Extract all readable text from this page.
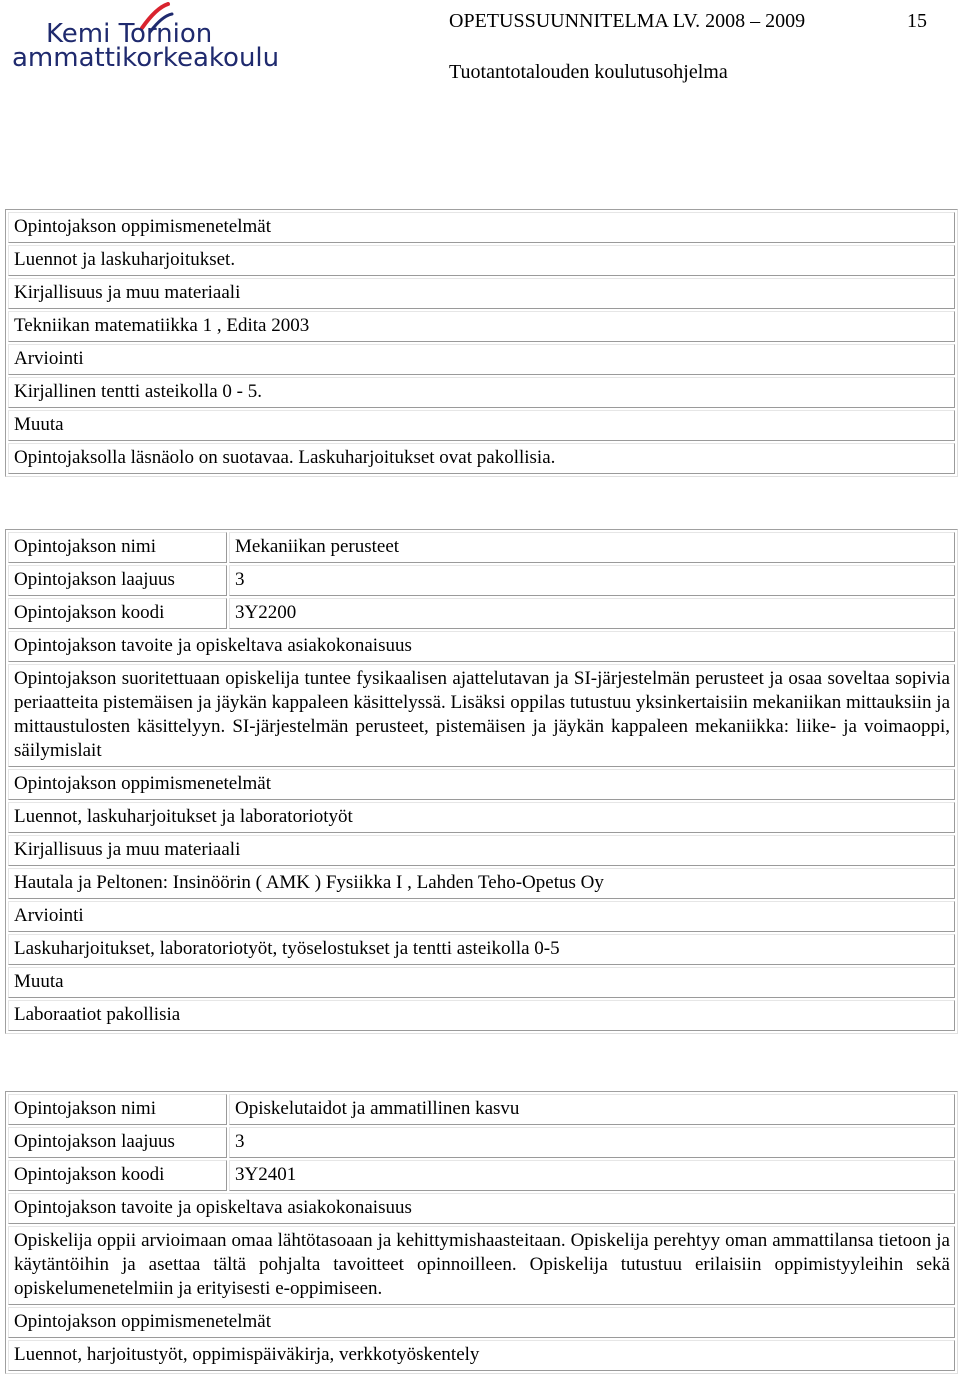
Kemi Tornion
ammattikorkeakoulu
OPETUSSUUNNITELMA LV. 2008 – 2009	15
Tuotantotalouden koulutusohjelma
Opintojakson oppimismenetelmät
Luennot ja laskuharjoitukset.
Kirjallisuus ja muu materiaali
Tekniikan matematiikka 1 , Edita 2003
Arviointi
Kirjallinen tentti asteikolla 0 - 5.
Muuta
Opintojaksolla läsnäolo on suotavaa. Laskuharjoitukset ovat pakollisia.
Opintojakson nimi	Mekaniikan perusteet
Opintojakson laajuus	3
Opintojakson koodi	3Y2200
Opintojakson tavoite ja opiskeltava asiakokonaisuus	
Opintojakson suoritettuaan opiskelija tuntee fysikaalisen ajattelutavan ja SI-järjestelmän perusteet ja osaa soveltaa sopivia periaatteita pistemäisen ja jäykän kappaleen käsittelyssä. Lisäksi oppilas tutustuu yksinkertaisiin mekaniikan mittauksiin ja mittaustulosten käsittelyyn. SI-järjestelmän perusteet, pistemäisen ja jäykän kappaleen mekaniikka: liike- ja voimaoppi, säilymislait	
Opintojakson oppimismenetelmät	
Luennot, laskuharjoitukset ja laboratoriotyöt	
Kirjallisuus ja muu materiaali	
Hautala ja Peltonen: Insinöörin ( AMK ) Fysiikka I , Lahden Teho-Opetus Oy	
Arviointi	
Laskuharjoitukset, laboratoriotyöt, työselostukset ja tentti asteikolla 0-5	
Muuta	
Laboraatiot pakollisia	
Opintojakson nimi	Opiskelutaidot ja ammatillinen kasvu
Opintojakson laajuus	3
Opintojakson koodi	3Y2401
Opintojakson tavoite ja opiskeltava asiakokonaisuus	
Opiskelija oppii arvioimaan omaa lähtötasoaan ja kehittymishaasteitaan. Opiskelija perehtyy oman ammattilansa tietoon ja käytäntöihin ja asettaa tältä pohjalta tavoitteet opinnoilleen. Opiskelija tutustuu erilaisiin oppimistyyleihin sekä opiskelumenetelmiin ja erityisesti e-oppimiseen.	
Opintojakson oppimismenetelmät	
Luennot, harjoitustyöt, oppimispäiväkirja, verkkotyöskentely	
